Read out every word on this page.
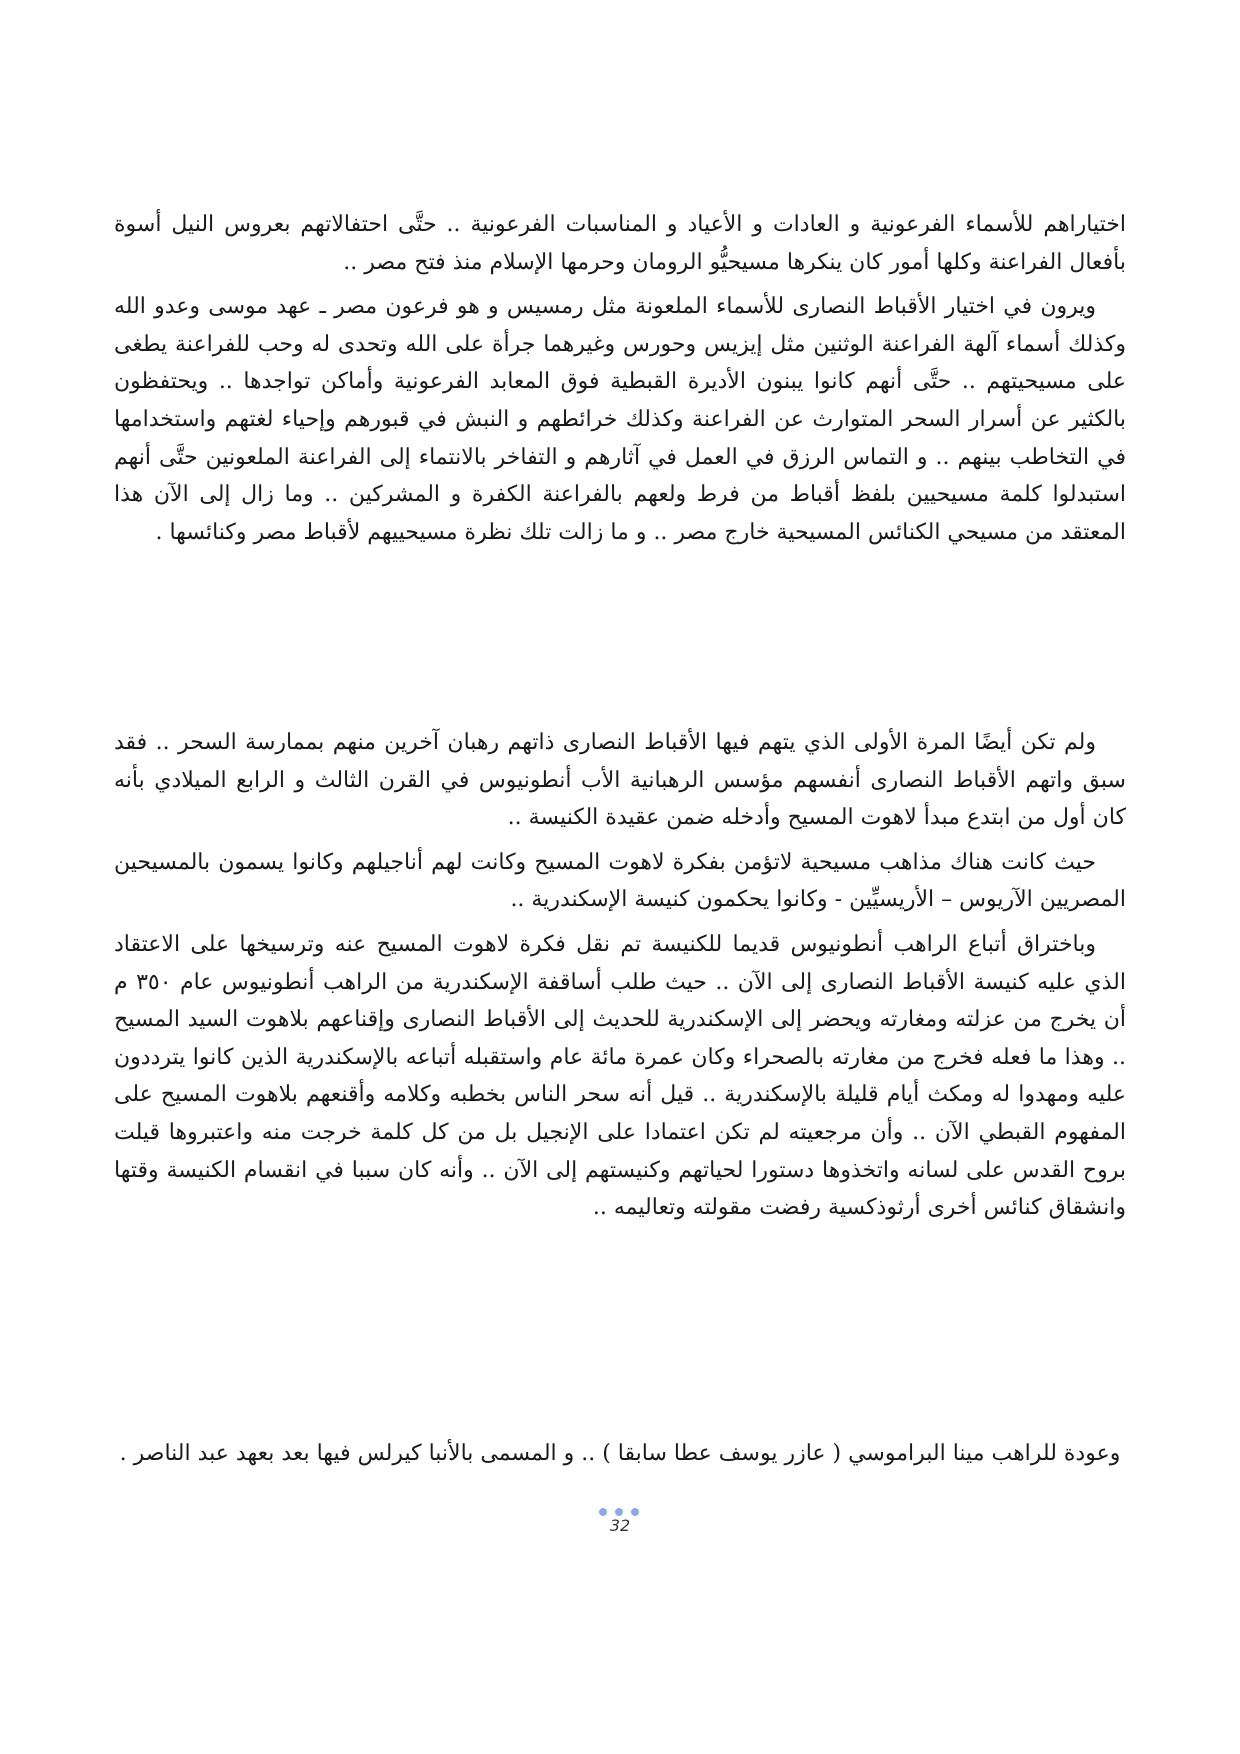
اختياراهم للأسماء الفرعونية و العادات و الأعياد و المناسبات الفرعونية .. حتَّى احتفالاتهم بعروس النيل أسوة بأفعال الفراعنة وكلها أمور كان ينكرها مسيحيُّو الرومان وحرمها الإسلام منذ فتح مصر ..

ويرون في اختيار الأقباط النصارى للأسماء الملعونة مثل رمسيس و هو فرعون مصر ـ عهد موسى وعدو الله وكذلك أسماء آلهة الفراعنة الوثنين مثل إيزيس وحورس وغيرهما جرأة على الله وتحدى له وحب للفراعنة يطغى على مسيحيتهم .. حتَّى أنهم كانوا يبنون الأديرة القبطية فوق المعابد الفرعونية وأماكن تواجدها .. ويحتفظون بالكثير عن أسرار السحر المتوارث عن الفراعنة وكذلك خرائطهم و النبش في قبورهم وإحياء لغتهم واستخدامها في التخاطب بينهم .. و التماس الرزق في العمل في آثارهم و التفاخر بالانتماء إلى الفراعنة الملعونين حتَّى أنهم استبدلوا كلمة مسيحيين بلفظ أقباط من فرط ولعهم بالفراعنة الكفرة و المشركين .. وما زال إلى الآن هذا المعتقد من مسيحي الكنائس المسيحية خارج مصر .. و ما زالت تلك نظرة مسيحييهم لأقباط مصر وكنائسها .

ولم تكن أيضًا المرة الأولى الذي يتهم فيها الأقباط النصارى ذاتهم رهبان آخرين منهم بممارسة السحر .. فقد سبق واتهم الأقباط النصارى أنفسهم مؤسس الرهبانية الأب أنطونيوس في القرن الثالث و الرابع الميلادي بأنه كان أول من ابتدع مبدأ لاهوت المسيح وأدخله ضمن عقيدة الكنيسة ..

حيث كانت هناك مذاهب مسيحية لاتؤمن بفكرة لاهوت المسيح وكانت لهم أناجيلهم وكانوا يسمون بالمسيحين المصريين الآريوس – الأريسيِّين - وكانوا يحكمون كنيسة الإسكندرية ..

وباختراق أتباع الراهب أنطونيوس قديما للكنيسة تم نقل فكرة لاهوت المسيح عنه وترسيخها على الاعتقاد الذي عليه كنيسة الأقباط النصارى إلى الآن .. حيث طلب أساقفة الإسكندرية من الراهب أنطونيوس عام ٣٥٠ م أن يخرج من عزلته ومغارته ويحضر إلى الإسكندرية للحديث إلى الأقباط النصارى وإقناعهم بلاهوت السيد المسيح .. وهذا ما فعله فخرج من مغارته بالصحراء وكان عمرة مائة عام واستقبله أتباعه بالإسكندرية الذين كانوا يترددون عليه ومهدوا له ومكث أيام قليلة بالإسكندرية .. قيل أنه سحر الناس بخطبه وكلامه وأقنعهم بلاهوت المسيح على المفهوم القبطي الآن .. وأن مرجعيته لم تكن اعتمادا على الإنجيل بل من كل كلمة خرجت منه واعتبروها قيلت بروح القدس على لسانه واتخذوها دستورا لحياتهم وكنيستهم إلى الآن .. وأنه كان سببا في انقسام الكنيسة وقتها وانشقاق كنائس أخرى أرثوذكسية رفضت مقولته وتعاليمه ..

وعودة للراهب مينا البراموسي ( عازر يوسف عطا سابقا ) .. و المسمى بالأنبا كيرلس فيها بعد بعهد عبد الناصر .

32
